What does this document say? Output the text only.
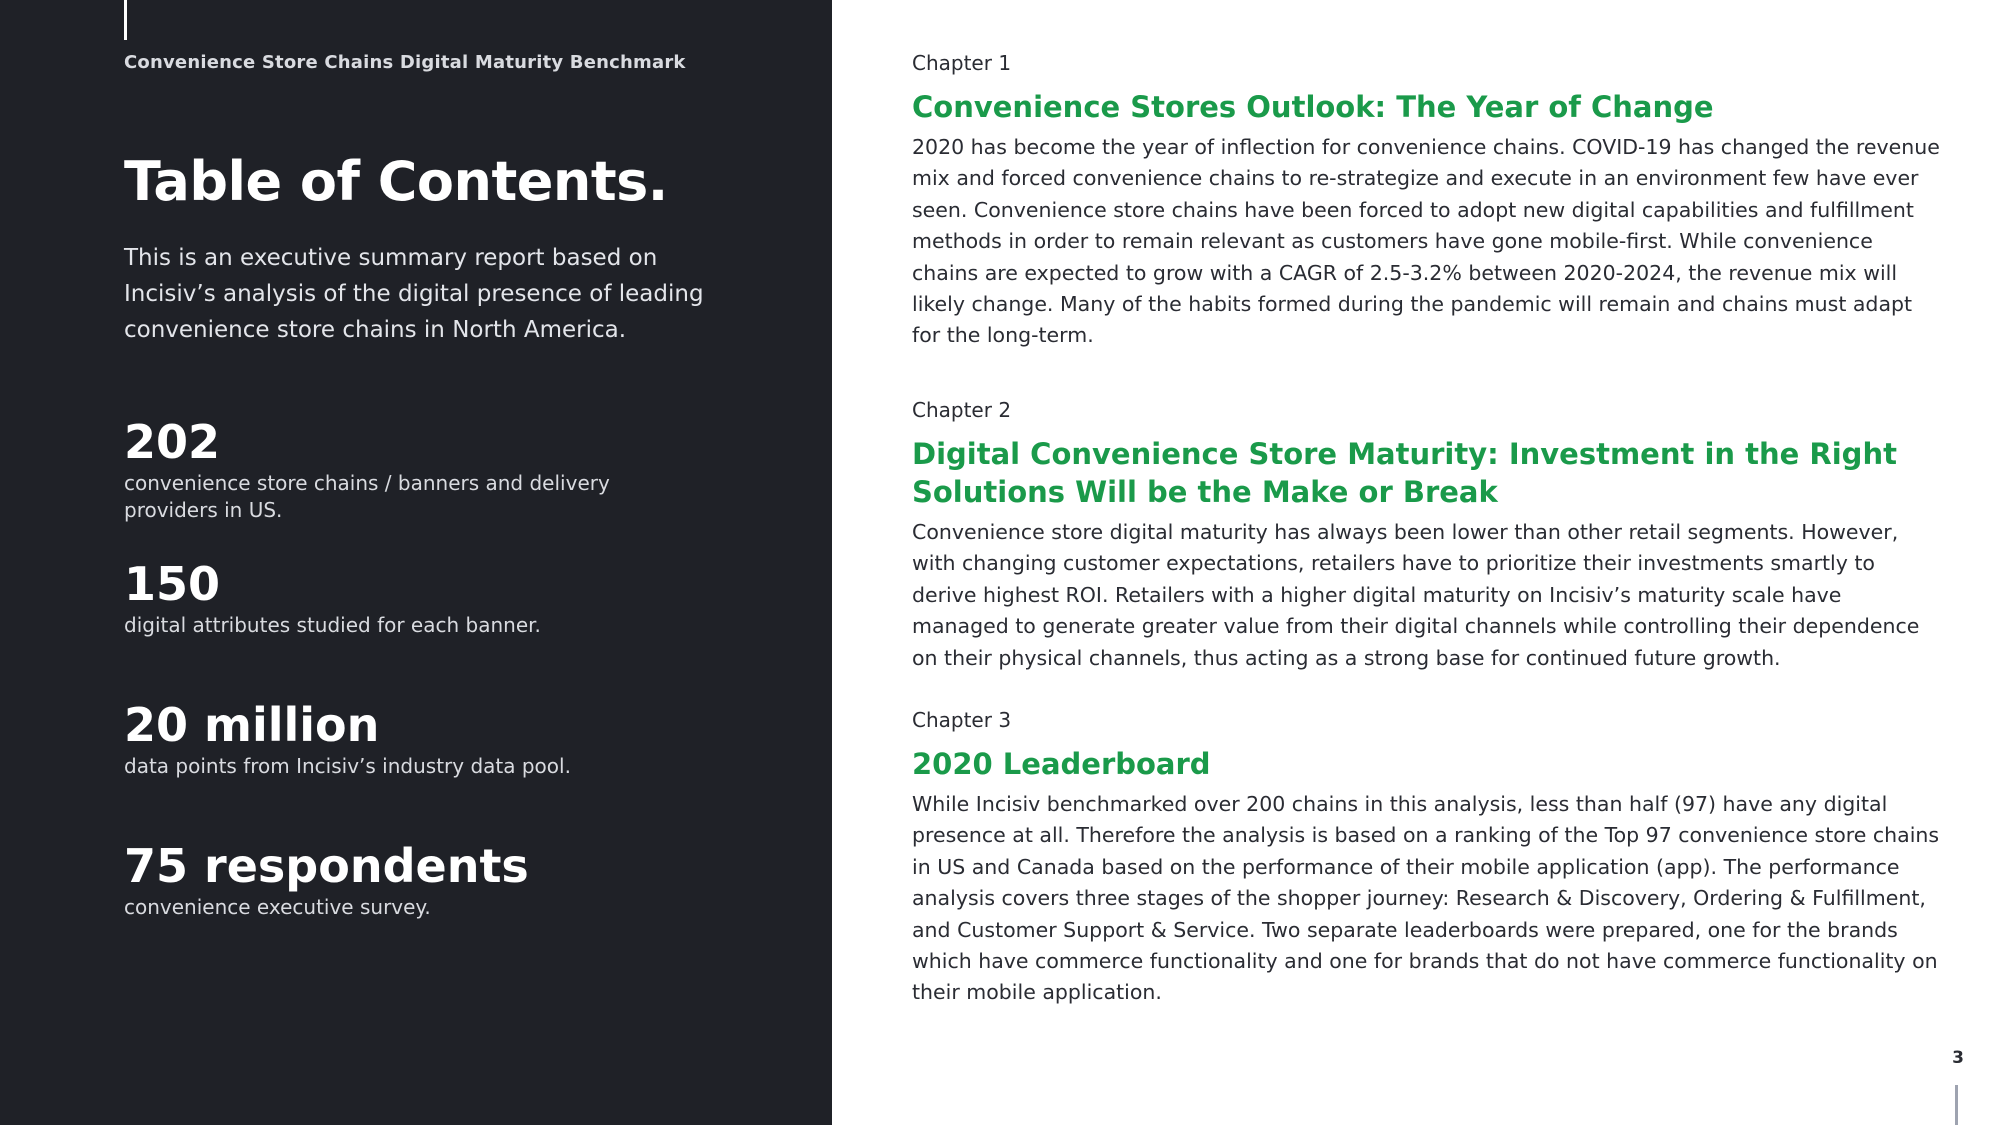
Convenience Store Chains Digital Maturity Benchmark
Table of Contents.
This is an executive summary report based on Incisiv’s analysis of the digital presence of leading convenience store chains in North America.
202
convenience store chains / banners and delivery providers in US.
150
digital attributes studied for each banner.
20 million
data points from Incisiv’s industry data pool.
75 respondents
convenience executive survey.
Chapter 1
Convenience Stores Outlook: The Year of Change
2020 has become the year of inflection for convenience chains. COVID-19 has changed the revenue mix and forced convenience chains to re-strategize and execute in an environment few have ever seen. Convenience store chains have been forced to adopt new digital capabilities and fulfillment methods in order to remain relevant as customers have gone mobile-first. While convenience chains are expected to grow with a CAGR of 2.5-3.2% between 2020-2024, the revenue mix will likely change. Many of the habits formed during the pandemic will remain and chains must adapt for the long-term.
Chapter 2
Digital Convenience Store Maturity: Investment in the Right Solutions Will be the Make or Break
Convenience store digital maturity has always been lower than other retail segments. However, with changing customer expectations, retailers have to prioritize their investments smartly to derive highest ROI. Retailers with a higher digital maturity on Incisiv’s maturity scale have managed to generate greater value from their digital channels while controlling their dependence on their physical channels, thus acting as a strong base for continued future growth.
Chapter 3
2020 Leaderboard
While Incisiv benchmarked over 200 chains in this analysis, less than half (97) have any digital presence at all. Therefore the analysis is based on a ranking of the Top 97 convenience store chains in US and Canada based on the performance of their mobile application (app). The performance analysis covers three stages of the shopper journey: Research & Discovery, Ordering & Fulfillment, and Customer Support & Service. Two separate leaderboards were prepared, one for the brands which have commerce functionality and one for brands that do not have commerce functionality on their mobile application.
3
